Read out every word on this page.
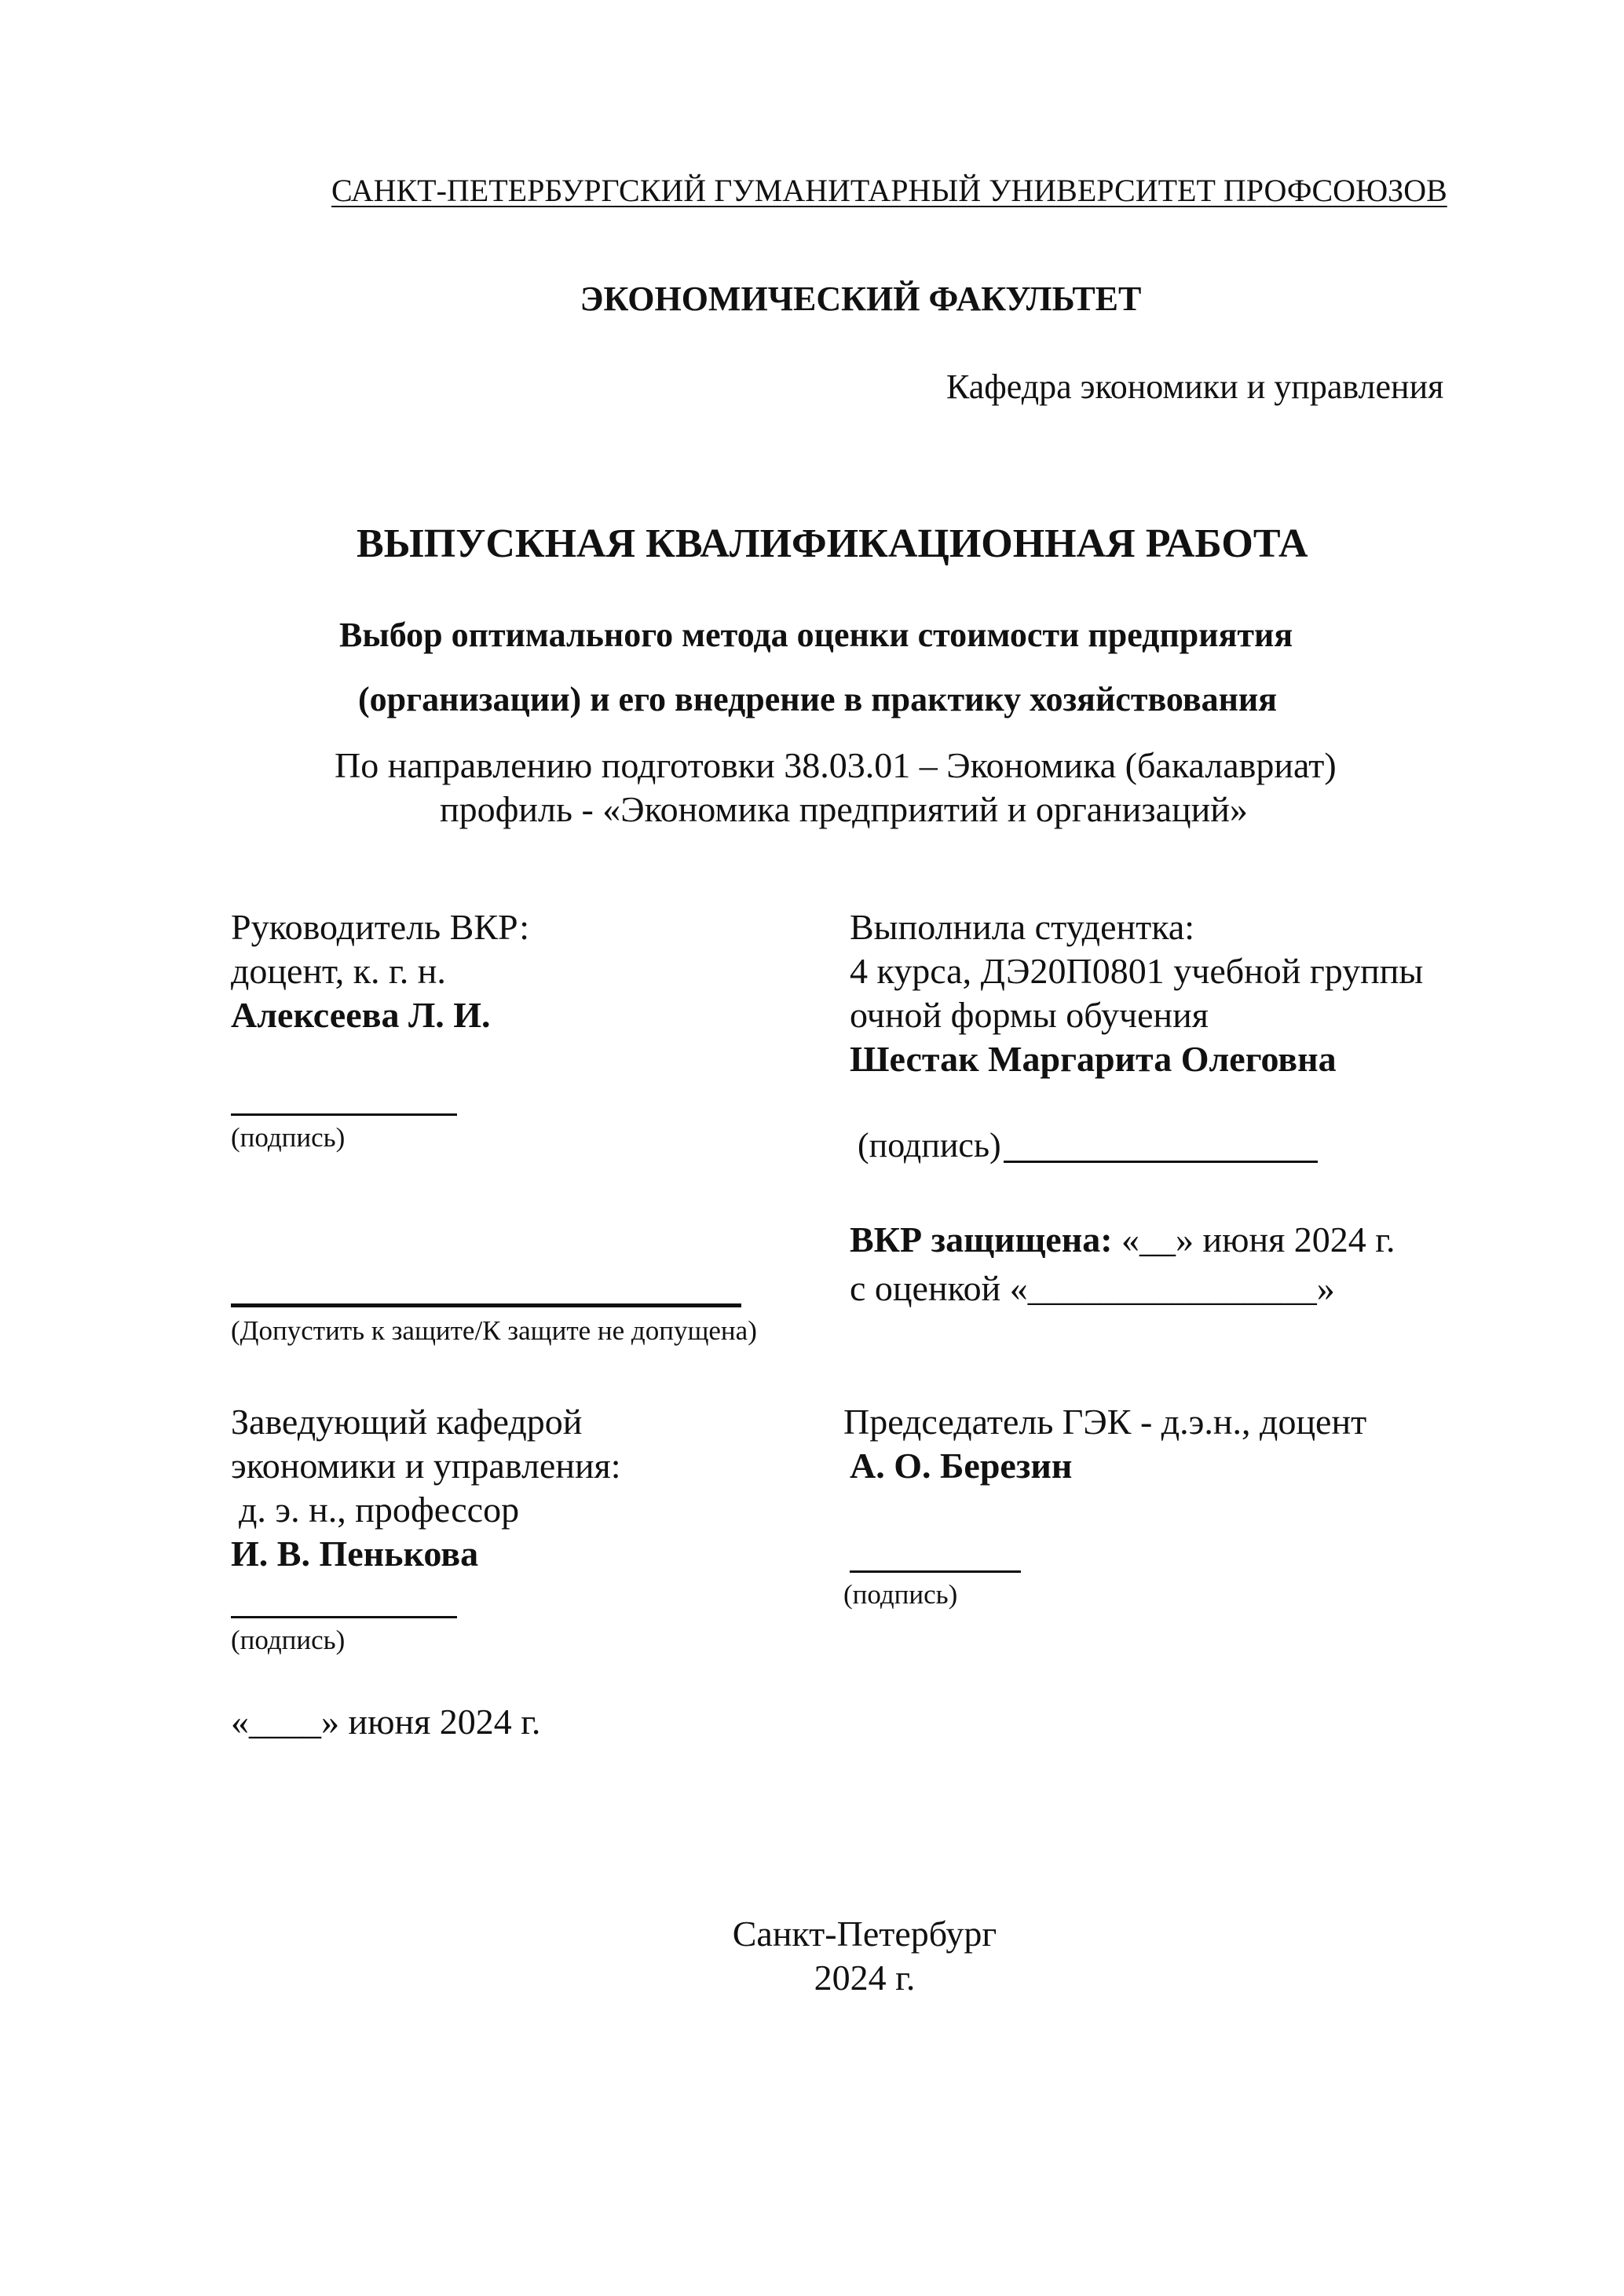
САНКТ-ПЕТЕРБУРГСКИЙ ГУМАНИТАРНЫЙ УНИВЕРСИТЕТ ПРОФСОЮЗОВ

ЭКОНОМИЧЕСКИЙ ФАКУЛЬТЕТ

Кафедра экономики и управления

ВЫПУСКНАЯ КВАЛИФИКАЦИОННАЯ РАБОТА

Выбор оптимального метода оценки стоимости предприятия

(организации) и его внедрение в практику хозяйствования

По направлению подготовки 38.03.01 – Экономика (бакалавриат)

профиль - «Экономика предприятий и организаций»

Руководитель ВКР:

доцент, к. г. н.

Алексеева Л. И.

(подпись)

Выполнила студентка:

4 курса, ДЭ20П0801 учебной группы

очной формы обучения

Шестак Маргарита Олеговна

(подпись)

ВКР защищена: «__» июня 2024 г.

с оценкой «________________»

(Допустить к защите/К защите не допущена)

Заведующий кафедрой

экономики и управления:

д. э. н., профессор

И. В. Пенькова

(подпись)

«____» июня 2024 г.

Председатель ГЭК - д.э.н., доцент

А. О. Березин

(подпись)

Санкт-Петербург

2024 г.
